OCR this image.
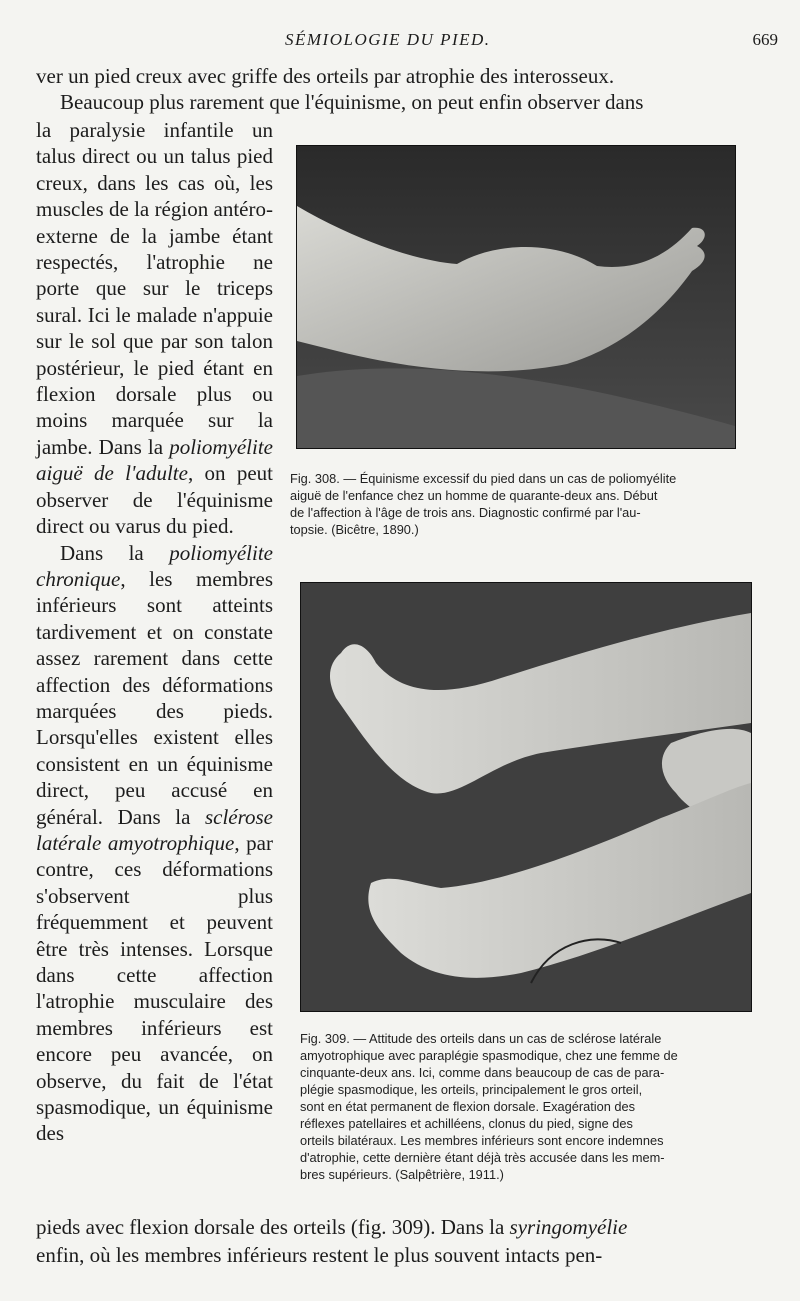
SÉMIOLOGIE DU PIED.	669
ver un pied creux avec griffe des orteils par atrophie des interosseux.
Beaucoup plus rarement que l'équinisme, on peut enfin observer dans

la paralysie infantile un talus direct ou un talus pied creux, dans les cas où, les muscles de la région antéro-externe de la jambe étant respectés, l'atrophie ne porte que sur le triceps sural. Ici le malade n'appuie sur le sol que par son talon postérieur, le pied étant en flexion dorsale plus ou moins marquée sur la jambe. Dans la poliomyélite aiguë de l'adulte, on peut observer de l'équinisme direct ou varus du pied.

Dans la poliomyélite chronique, les membres inférieurs sont atteints tardivement et on constate assez rarement dans cette affection des déformations marquées des pieds. Lorsqu'elles existent elles consistent en un équinisme direct, peu accusé en général. Dans la sclérose latérale amyotrophique, par contre, ces déformations s'observent plus fréquemment et peuvent être très intenses. Lorsque dans cette affection l'atrophie musculaire des membres inférieurs est encore peu avancée, on observe, du fait de l'état spasmodique, un équinisme des

Fig. 308. — Équinisme excessif du pied dans un cas de poliomyélite
aiguë de l'enfance chez un homme de quarante-deux ans. Début
de l'affection à l'âge de trois ans. Diagnostic confirmé par l'au-
topsie. (Bicêtre, 1890.)
Fig. 309. — Attitude des orteils dans un cas de sclérose latérale
amyotrophique avec paraplégie spasmodique, chez une femme de
cinquante-deux ans. Ici, comme dans beaucoup de cas de para-
plégie spasmodique, les orteils, principalement le gros orteil,
sont en état permanent de flexion dorsale. Exagération des
réflexes patellaires et achilléens, clonus du pied, signe des
orteils bilatéraux. Les membres inférieurs sont encore indemnes
d'atrophie, cette dernière étant déjà très accusée dans les mem-
bres supérieurs. (Salpêtrière, 1911.)
pieds avec flexion dorsale des orteils (fig. 309). Dans la syringomyélie
enfin, où les membres inférieurs restent le plus souvent intacts pen-
